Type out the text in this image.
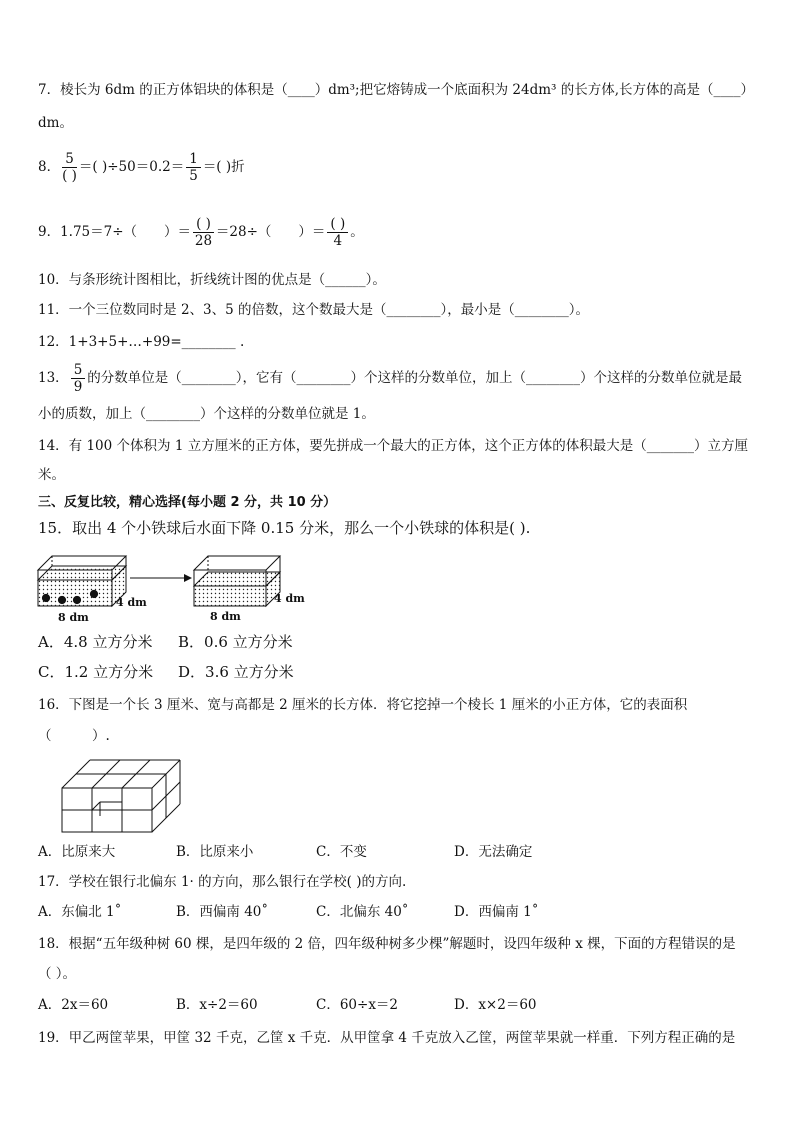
7．棱长为 6dm 的正方体铝块的体积是（____）dm³;把它熔铸成一个底面积为 24dm³ 的长方体,长方体的高是（____）
dm。
8． $\frac{5}{( )}$ ＝( )$\div 50=0.2= \frac{1}{5}$ ＝( )折
9．1.75＝7÷（　　）＝ $\frac{( )}{28} =28\div$（　　）＝ $\frac{( )}{4}$ 。
10．与条形统计图相比，折线统计图的优点是（______）。
11．一个三位数同时是 2、3、5 的倍数，这个数最大是（________），最小是（________）。
12．1+3+5+…+99=________ .
13． $\frac{5}{9}$ 的分数单位是（________），它有（________）个这样的分数单位，加上（________）个这样的分数单位就是最
小的质数，加上（________）个这样的分数单位就是 1。
14．有 100 个体积为 1 立方厘米的正方体，要先拼成一个最大的正方体，这个正方体的体积最大是（_______）立方厘
米。
三、反复比较，精心选择(每小题 2 分，共 10 分）
15．取出 4 个小铁球后水面下降 0.15 分米，那么一个小铁球的体积是( ).
4 dm
8 dm
4 dm
8 dm
A．4.8 立方分米 B．0.6 立方分米
C．1.2 立方分米 D．3.6 立方分米
16．下图是一个长 3 厘米、宽与高都是 2 厘米的长方体．将它挖掉一个棱长 1 厘米的小正方体，它的表面积
（　　　）.
A．比原来大	B．比原来小	C．不变	D．无法确定
17．学校在银行北偏东 1· 的方向，那么银行在学校( )的方向.
A．东偏北 1˚	B．西偏南 40˚	C．北偏东 40˚	D．西偏南 1˚
18．根据“五年级种树 60 棵，是四年级的 2 倍，四年级种树多少棵”解题时，设四年级种 x 棵，下面的方程错误的是
（ ）。
A．2x＝60	B．x÷2＝60	C．60÷x＝2	D．x×2＝60
19．甲乙两筐苹果，甲筐 32 千克，乙筐 x 千克．从甲筐拿 4 千克放入乙筐，两筐苹果就一样重．下列方程正确的是
